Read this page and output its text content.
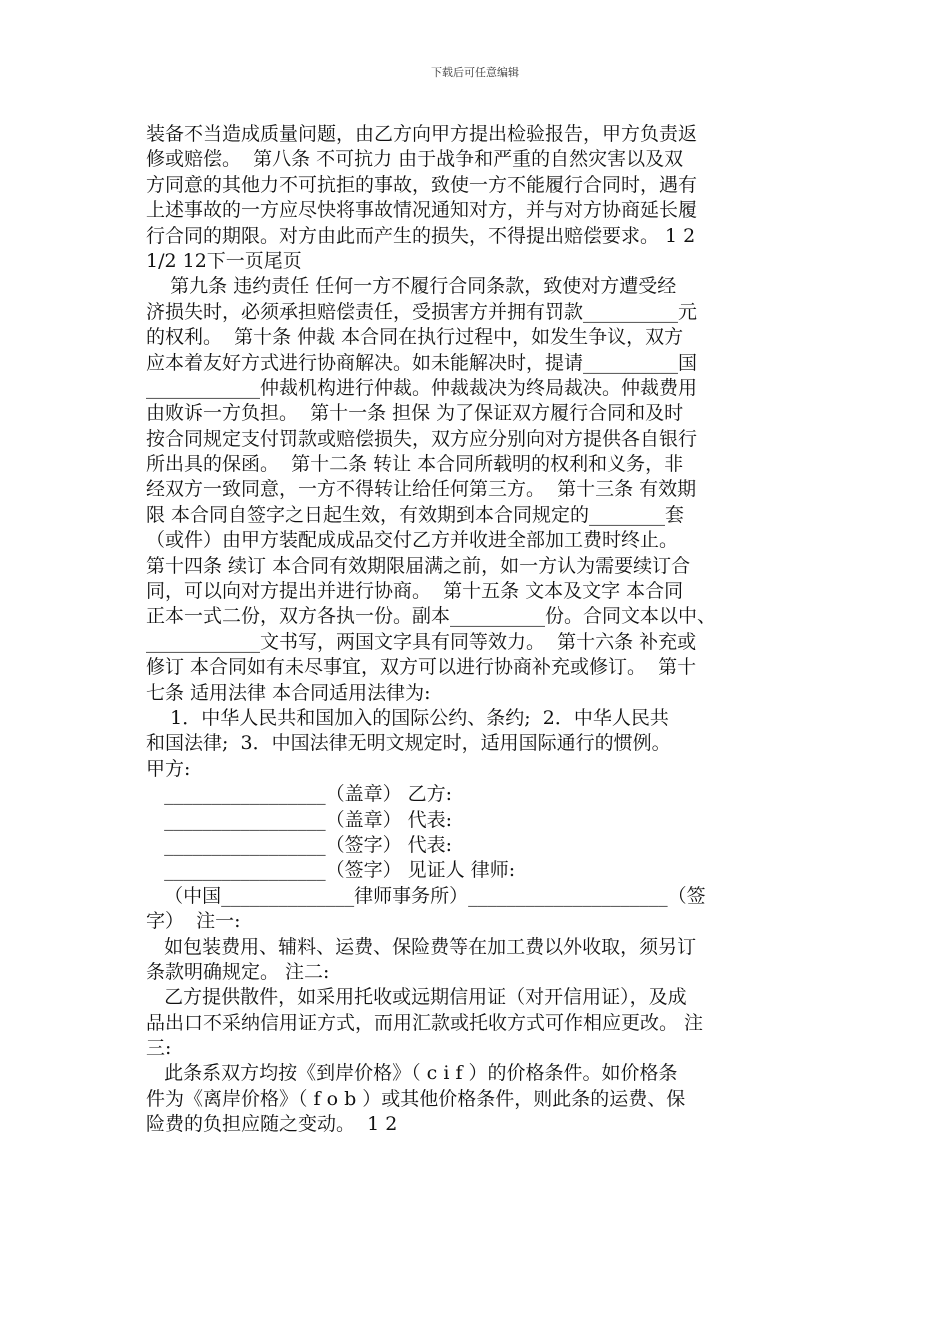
下载后可任意编辑
装备不当造成质量问题，由乙方向甲方提出检验报告，甲方负责返
修或赔偿。  第八条 不可抗力 由于战争和严重的自然灾害以及双
方同意的其他力不可抗拒的事故，致使一方不能履行合同时，遇有
上述事故的一方应尽快将事故情况通知对方，并与对方协商延长履
行合同的期限。对方由此而产生的损失，不得提出赔偿要求。 1 2
1/2 12下一页尾页
第九条 违约责任 任何一方不履行合同条款，致使对方遭受经
济损失时，必须承担赔偿责任，受损害方并拥有罚款__________元
的权利。  第十条 仲裁 本合同在执行过程中，如发生争议，双方
应本着友好方式进行协商解决。如未能解决时，提请__________国
____________仲裁机构进行仲裁。仲裁裁决为终局裁决。仲裁费用
由败诉一方负担。  第十一条 担保 为了保证双方履行合同和及时
按合同规定支付罚款或赔偿损失，双方应分别向对方提供各自银行
所出具的保函。  第十二条 转让 本合同所载明的权利和义务，非
经双方一致同意，一方不得转让给任何第三方。  第十三条 有效期
限 本合同自签字之日起生效，有效期到本合同规定的________套
（或件）由甲方装配成成品交付乙方并收进全部加工费时终止。
第十四条 续订 本合同有效期限届满之前，如一方认为需要续订合
同，可以向对方提出并进行协商。  第十五条 文本及文字 本合同
正本一式二份，双方各执一份。副本__________份。合同文本以中、
____________文书写，两国文字具有同等效力。  第十六条 补充或
修订 本合同如有未尽事宜，双方可以进行协商补充或修订。  第十
七条 适用法律 本合同适用法律为:
1．中华人民共和国加入的国际公约、条约;  2．中华人民共
和国法律;  3．中国法律无明文规定时，适用国际通行的惯例。
甲方:
_________________（盖章） 乙方:
_________________（盖章） 代表:
_________________（签字） 代表:
_________________（签字） 见证人 律师:
（中国______________律师事务所）_____________________（签
字）  注一:
如包装费用、辅料、运费、保险费等在加工费以外收取，须另订
条款明确规定。 注二:
乙方提供散件，如采用托收或远期信用证（对开信用证），及成
品出口不采纳信用证方式，而用汇款或托收方式可作相应更改。 注
三:
此条系双方均按《到岸价格》（ c i f ）的价格条件。如价格条
件为《离岸价格》（ f o b ）或其他价格条件，则此条的运费、保
险费的负担应随之变动。  1 2
